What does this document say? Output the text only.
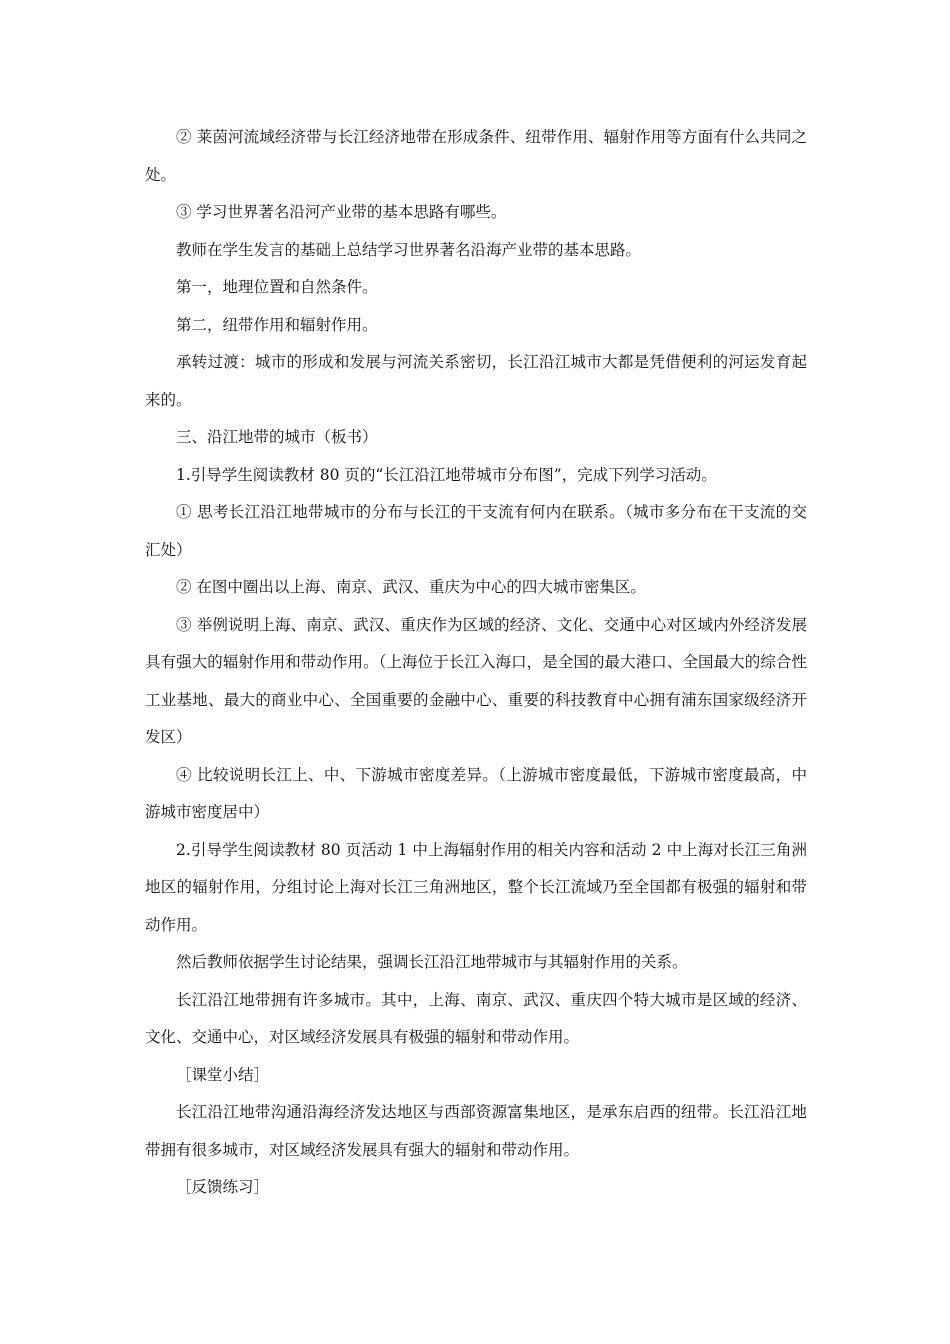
② 莱茵河流域经济带与长江经济地带在形成条件、纽带作用、辐射作用等方面有什么共同之处。

③ 学习世界著名沿河产业带的基本思路有哪些。

教师在学生发言的基础上总结学习世界著名沿海产业带的基本思路。

第一，地理位置和自然条件。

第二，纽带作用和辐射作用。

承转过渡：城市的形成和发展与河流关系密切，长江沿江城市大都是凭借便利的河运发育起来的。

三、沿江地带的城市（板书）

1.引导学生阅读教材 80 页的“长江沿江地带城市分布图”，完成下列学习活动。

① 思考长江沿江地带城市的分布与长江的干支流有何内在联系。（城市多分布在干支流的交汇处）

② 在图中圈出以上海、南京、武汉、重庆为中心的四大城市密集区。

③ 举例说明上海、南京、武汉、重庆作为区域的经济、文化、交通中心对区域内外经济发展具有强大的辐射作用和带动作用。（上海位于长江入海口，是全国的最大港口、全国最大的综合性工业基地、最大的商业中心、全国重要的金融中心、重要的科技教育中心拥有浦东国家级经济开发区）

④ 比较说明长江上、中、下游城市密度差异。（上游城市密度最低，下游城市密度最高，中游城市密度居中）

2.引导学生阅读教材 80 页活动 1 中上海辐射作用的相关内容和活动 2 中上海对长江三角洲地区的辐射作用，分组讨论上海对长江三角洲地区，整个长江流域乃至全国都有极强的辐射和带动作用。

然后教师依据学生讨论结果，强调长江沿江地带城市与其辐射作用的关系。

长江沿江地带拥有许多城市。其中，上海、南京、武汉、重庆四个特大城市是区域的经济、文化、交通中心，对区域经济发展具有极强的辐射和带动作用。

［课堂小结］

长江沿江地带沟通沿海经济发达地区与西部资源富集地区，是承东启西的纽带。长江沿江地带拥有很多城市，对区域经济发展具有强大的辐射和带动作用。

［反馈练习］
